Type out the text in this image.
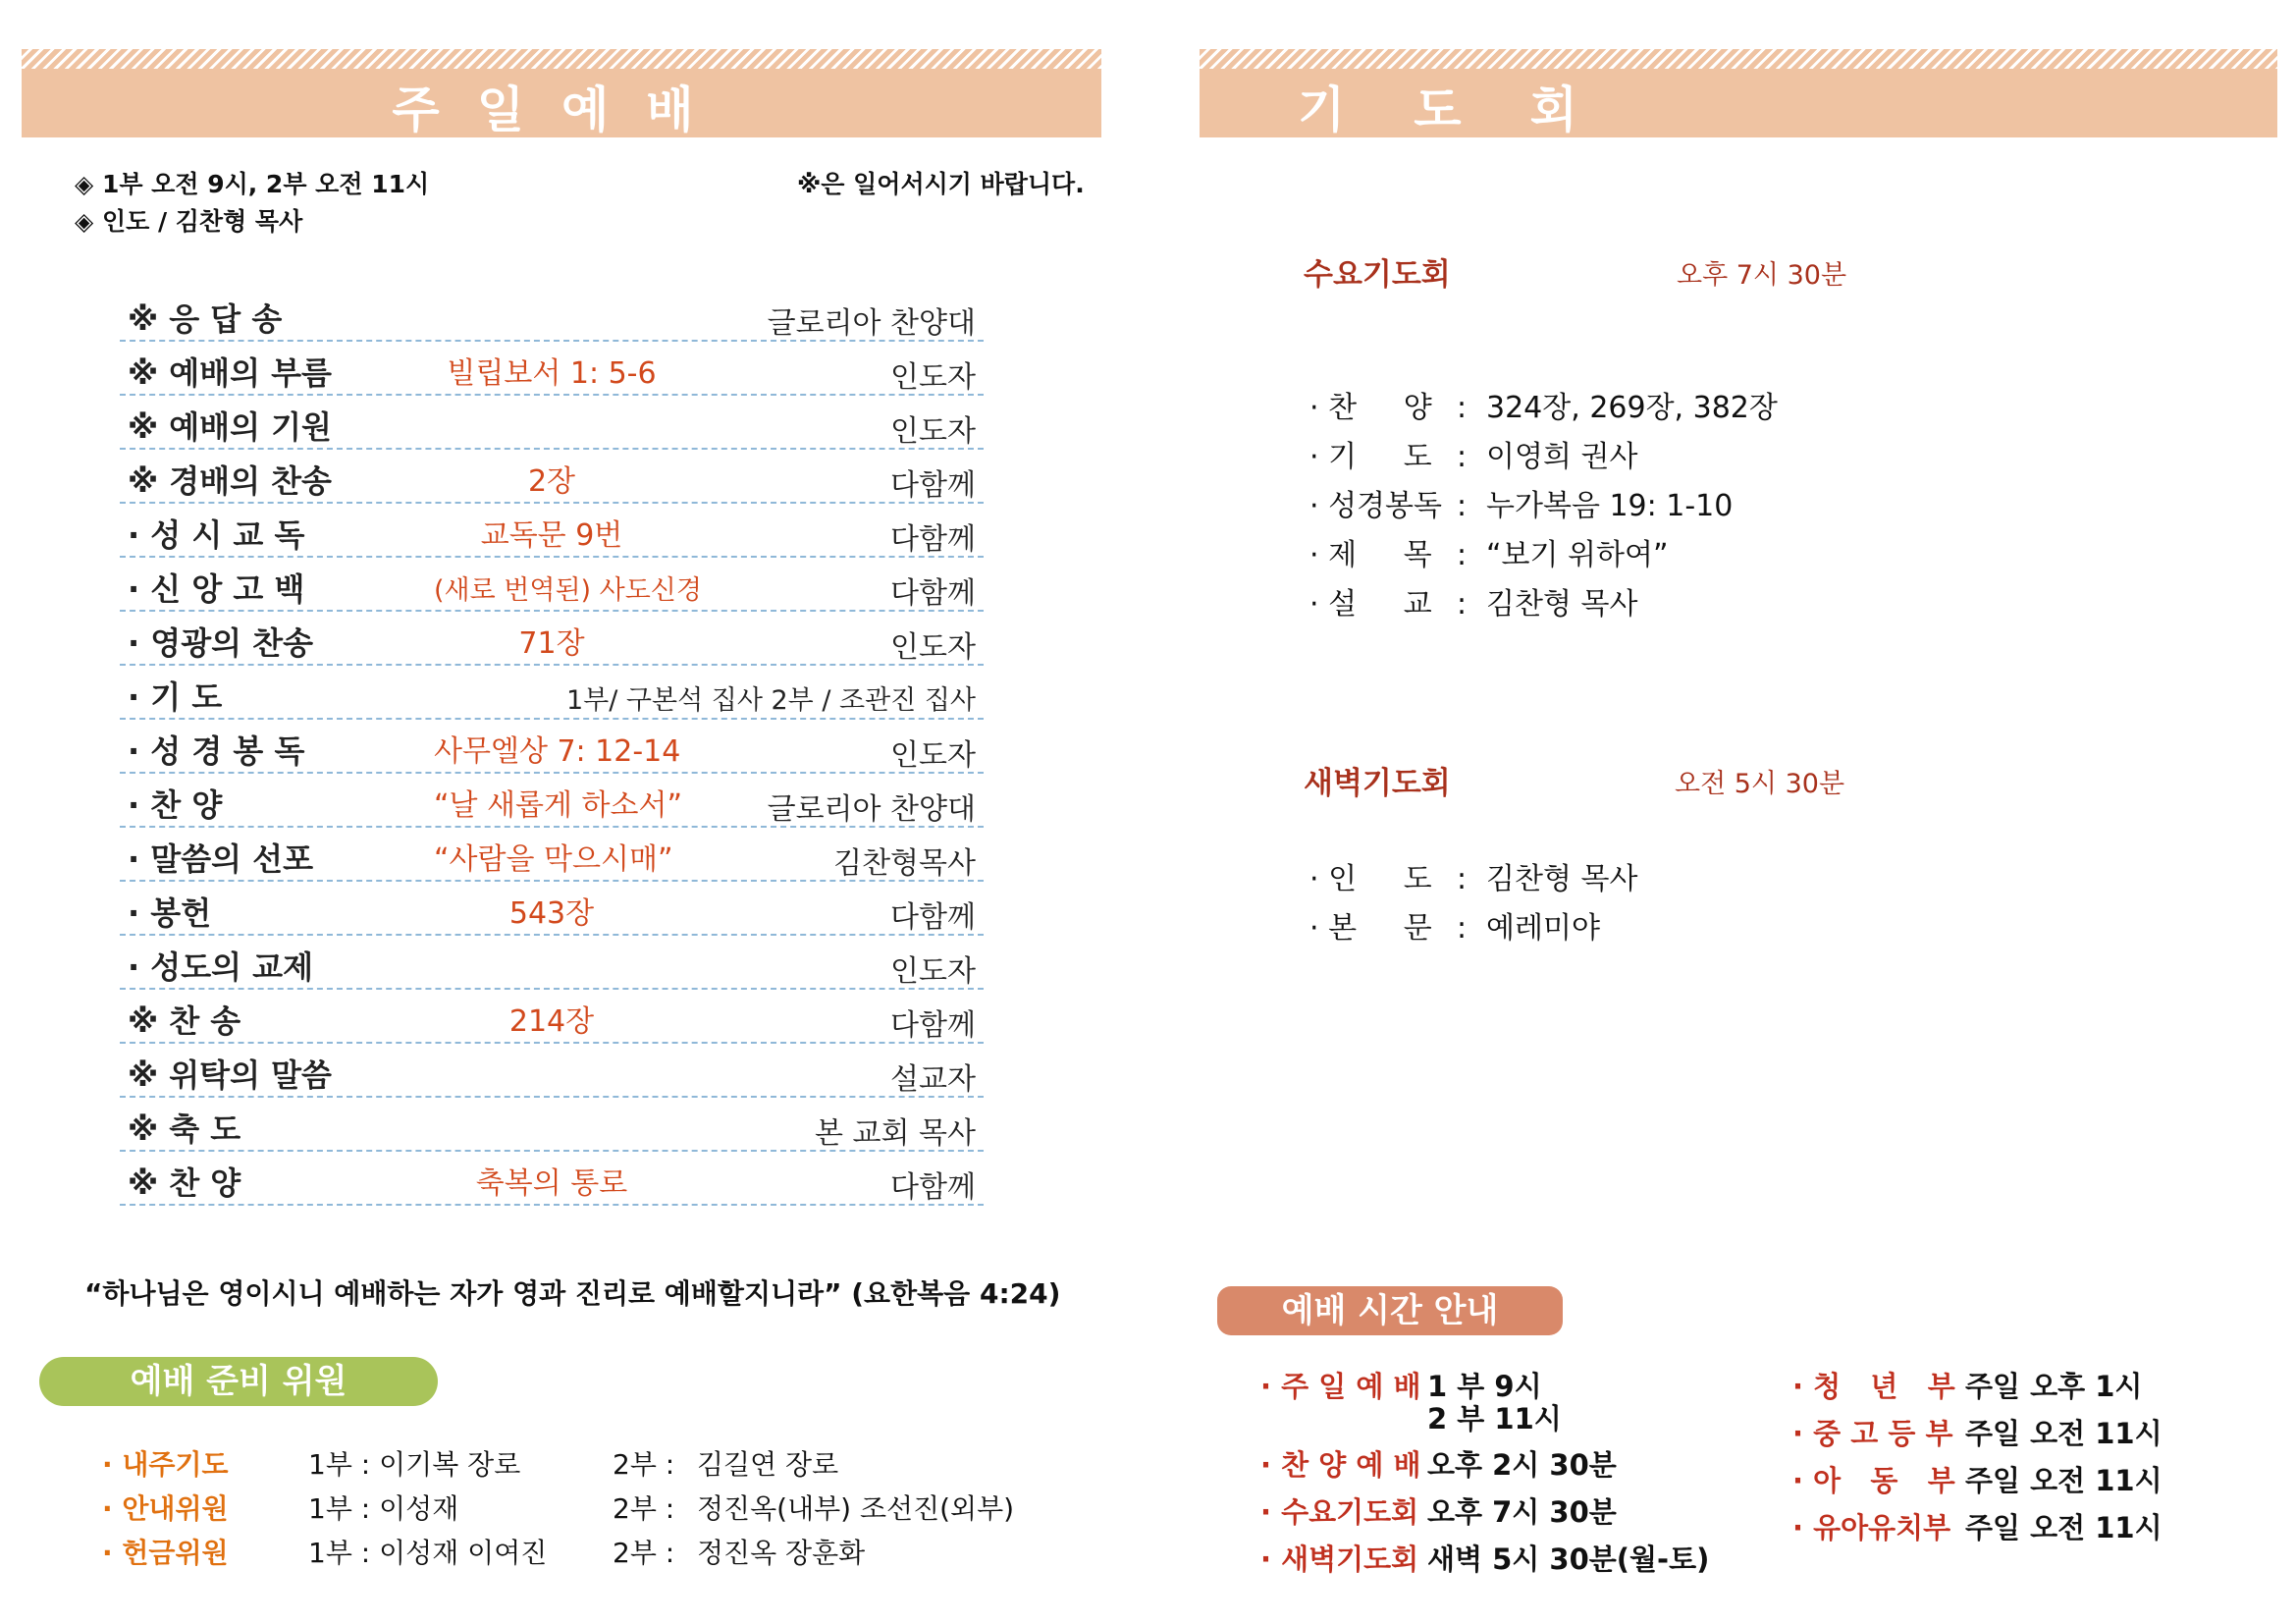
주일예배
◈ 1부 오전 9시, 2부 오전 11시
◈ 인도 / 김찬형 목사
※은 일어서시기 바랍니다.
※ 응 답 송	글로리아 찬양대
※ 예배의 부름	빌립보서 1: 5-6	인도자
※ 예배의 기원	인도자
※ 경배의 찬송	2장	다함께
· 성 시 교 독	교독문 9번	다함께
· 신 앙 고 백	(새로 번역된) 사도신경	다함께
· 영광의 찬송	71장	인도자
· 기 도	1부/ 구본석 집사 2부 / 조관진 집사
· 성 경 봉 독	사무엘상 7: 12-14	인도자
· 찬 양	“날 새롭게 하소서”	글로리아 찬양대
· 말씀의 선포	“사람을 막으시매”	김찬형목사
· 봉헌	543장	다함께
· 성도의 교제	인도자
※ 찬 송	214장	다함께
※ 위탁의 말씀	설교자
※ 축 도	본 교회 목사
※ 찬 양	축복의 통로	다함께
“하나님은 영이시니 예배하는 자가 영과 진리로 예배할지니라” (요한복음 4:24)
예배 준비 위원
· 내주기도	1부 : 이기복 장로	2부 : 김길연 장로
· 안내위원	1부 : 이성재	2부 : 정진옥(내부) 조선진(외부)
· 헌금위원	1부 : 이성재 이여진 2부 : 정진옥 장훈화
기도회
수요기도회	오후 7시 30분
· 찬     양 : 324장, 269장, 382장
· 기     도 : 이영희 권사
· 성경봉독 : 누가복음 19: 1-10
· 제     목 : “보기 위하여”
· 설     교 : 김찬형 목사
새벽기도회	오전 5시 30분
· 인     도 : 김찬형 목사
· 본     문 : 예레미야
예배 시간 안내
· 주 일 예 배 1 부 9시
2 부 11시
· 찬 양 예 배 오후 2시 30분
· 수요기도회 오후 7시 30분
· 새벽기도회 새벽 5시 30분(월-토)
· 청   년   부 주일 오후 1시
· 중 고 등 부 주일 오전 11시
· 아   동   부 주일 오전 11시
· 유아유치부 주일 오전 11시
